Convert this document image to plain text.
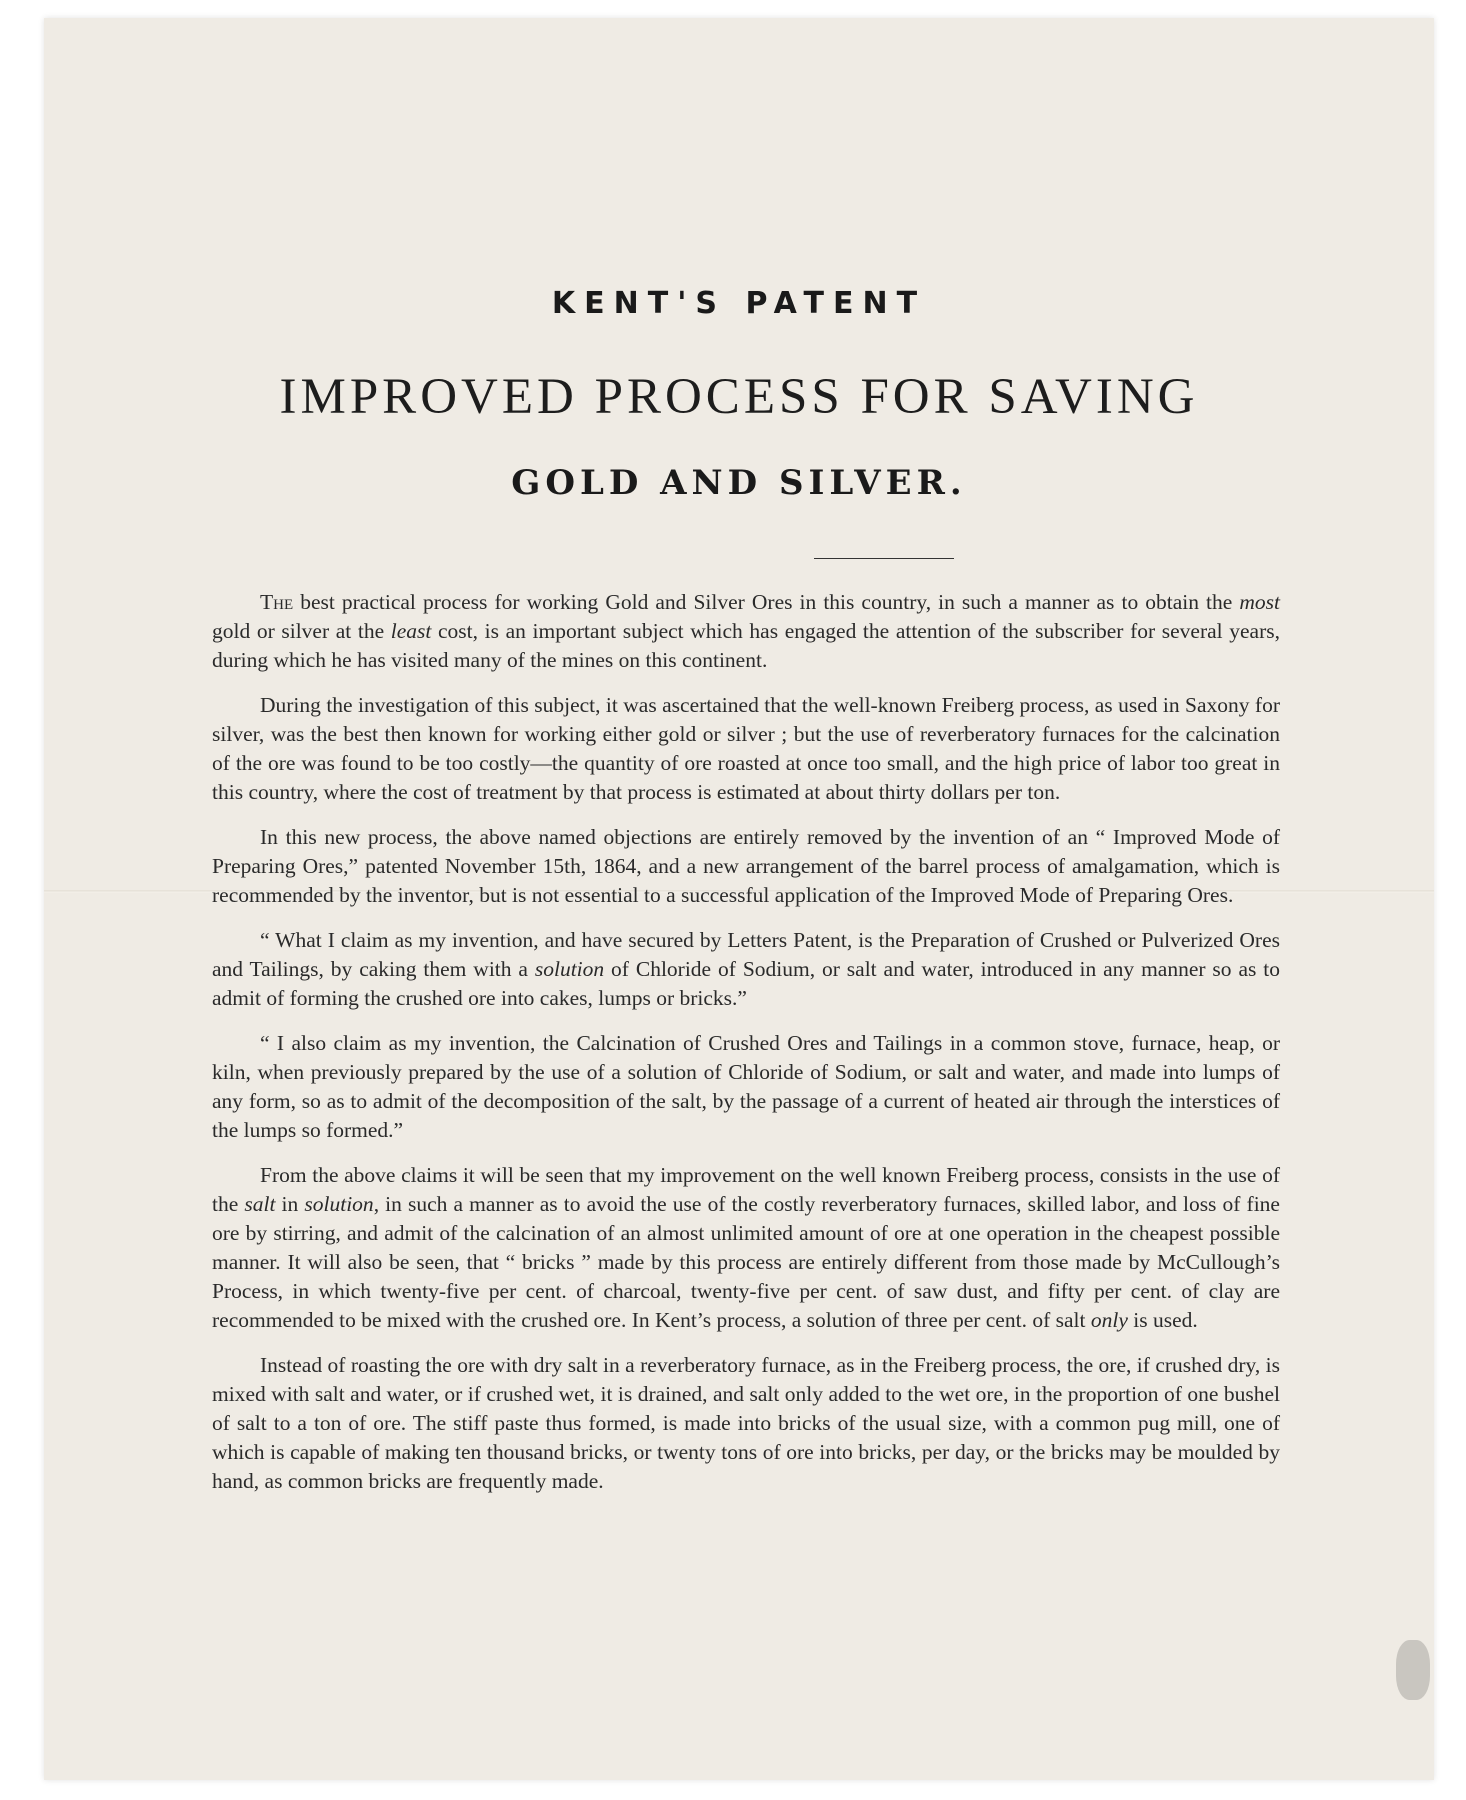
KENT'S PATENT
IMPROVED PROCESS FOR SAVING
GOLD AND SILVER.

The best practical process for working Gold and Silver Ores in this country, in such a manner as to obtain the most gold or silver at the least cost, is an important subject which has engaged the attention of the subscriber for several years, during which he has visited many of the mines on this continent.

During the investigation of this subject, it was ascertained that the well-known Freiberg process, as used in Saxony for silver, was the best then known for working either gold or silver ; but the use of reverberatory furnaces for the calcination of the ore was found to be too costly—the quantity of ore roasted at once too small, and the high price of labor too great in this country, where the cost of treatment by that process is estimated at about thirty dollars per ton.

In this new process, the above named objections are entirely removed by the invention of an “ Improved Mode of Preparing Ores,” patented November 15th, 1864, and a new arrangement of the barrel process of amalgamation, which is recommended by the inventor, but is not essential to a successful application of the Improved Mode of Preparing Ores.

“ What I claim as my invention, and have secured by Letters Patent, is the Preparation of Crushed or Pulverized Ores and Tailings, by caking them with a solution of Chloride of Sodium, or salt and water, introduced in any manner so as to admit of forming the crushed ore into cakes, lumps or bricks.”

“ I also claim as my invention, the Calcination of Crushed Ores and Tailings in a common stove, furnace, heap, or kiln, when previously prepared by the use of a solution of Chloride of Sodium, or salt and water, and made into lumps of any form, so as to admit of the decomposition of the salt, by the passage of a current of heated air through the interstices of the lumps so formed.”

From the above claims it will be seen that my improvement on the well known Freiberg process, consists in the use of the salt in solution, in such a manner as to avoid the use of the costly reverberatory furnaces, skilled labor, and loss of fine ore by stirring, and admit of the calcination of an almost unlimited amount of ore at one operation in the cheapest possible manner. It will also be seen, that “ bricks ” made by this process are entirely different from those made by McCullough’s Process, in which twenty-five per cent. of charcoal, twenty-five per cent. of saw dust, and fifty per cent. of clay are recommended to be mixed with the crushed ore. In Kent’s process, a solution of three per cent. of salt only is used.

Instead of roasting the ore with dry salt in a reverberatory furnace, as in the Freiberg process, the ore, if crushed dry, is mixed with salt and water, or if crushed wet, it is drained, and salt only added to the wet ore, in the proportion of one bushel of salt to a ton of ore. The stiff paste thus formed, is made into bricks of the usual size, with a common pug mill, one of which is capable of making ten thousand bricks, or twenty tons of ore into bricks, per day, or the bricks may be moulded by hand, as common bricks are frequently made.
